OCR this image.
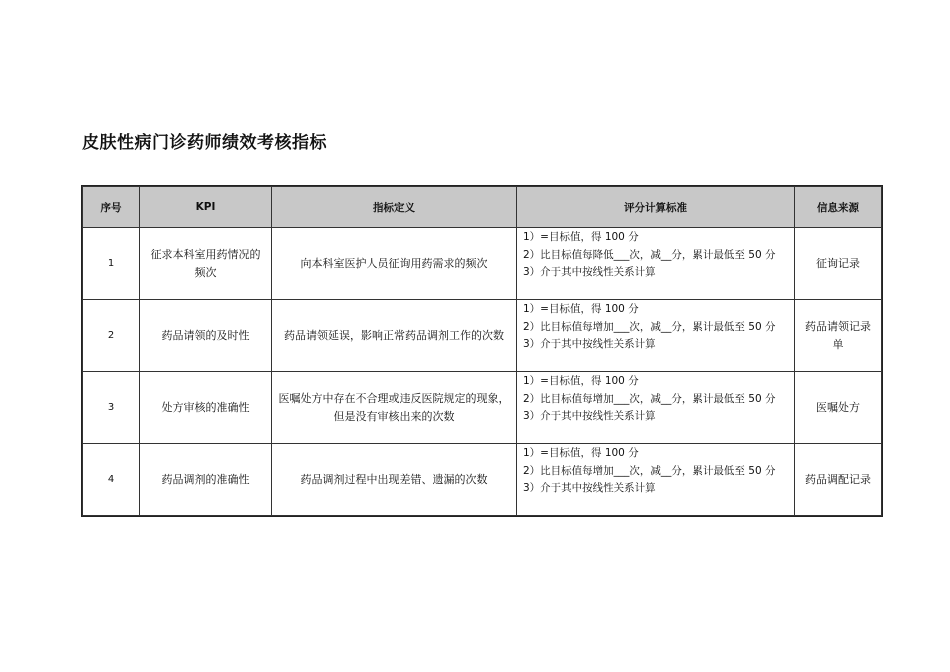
皮肤性病门诊药师绩效考核指标
序号	KPI	指标定义	评分计算标准	信息来源
1	征求本科室用药情况的频次	向本科室医护人员征询用药需求的频次	1）=目标值，得 100 分
2）比目标值每降低___次，减__分，累计最低至 50 分
3）介于其中按线性关系计算	征询记录
2	药品请领的及时性	药品请领延误，影响正常药品调剂工作的次数	1）=目标值，得 100 分
2）比目标值每增加___次，减__分，累计最低至 50 分
3）介于其中按线性关系计算	药品请领记录单
3	处方审核的准确性	医嘱处方中存在不合理或违反医院规定的现象，但是没有审核出来的次数	1）=目标值，得 100 分
2）比目标值每增加___次，减__分，累计最低至 50 分
3）介于其中按线性关系计算	医嘱处方
4	药品调剂的准确性	药品调剂过程中出现差错、遗漏的次数	1）=目标值，得 100 分
2）比目标值每增加___次，减__分，累计最低至 50 分
3）介于其中按线性关系计算	药品调配记录
